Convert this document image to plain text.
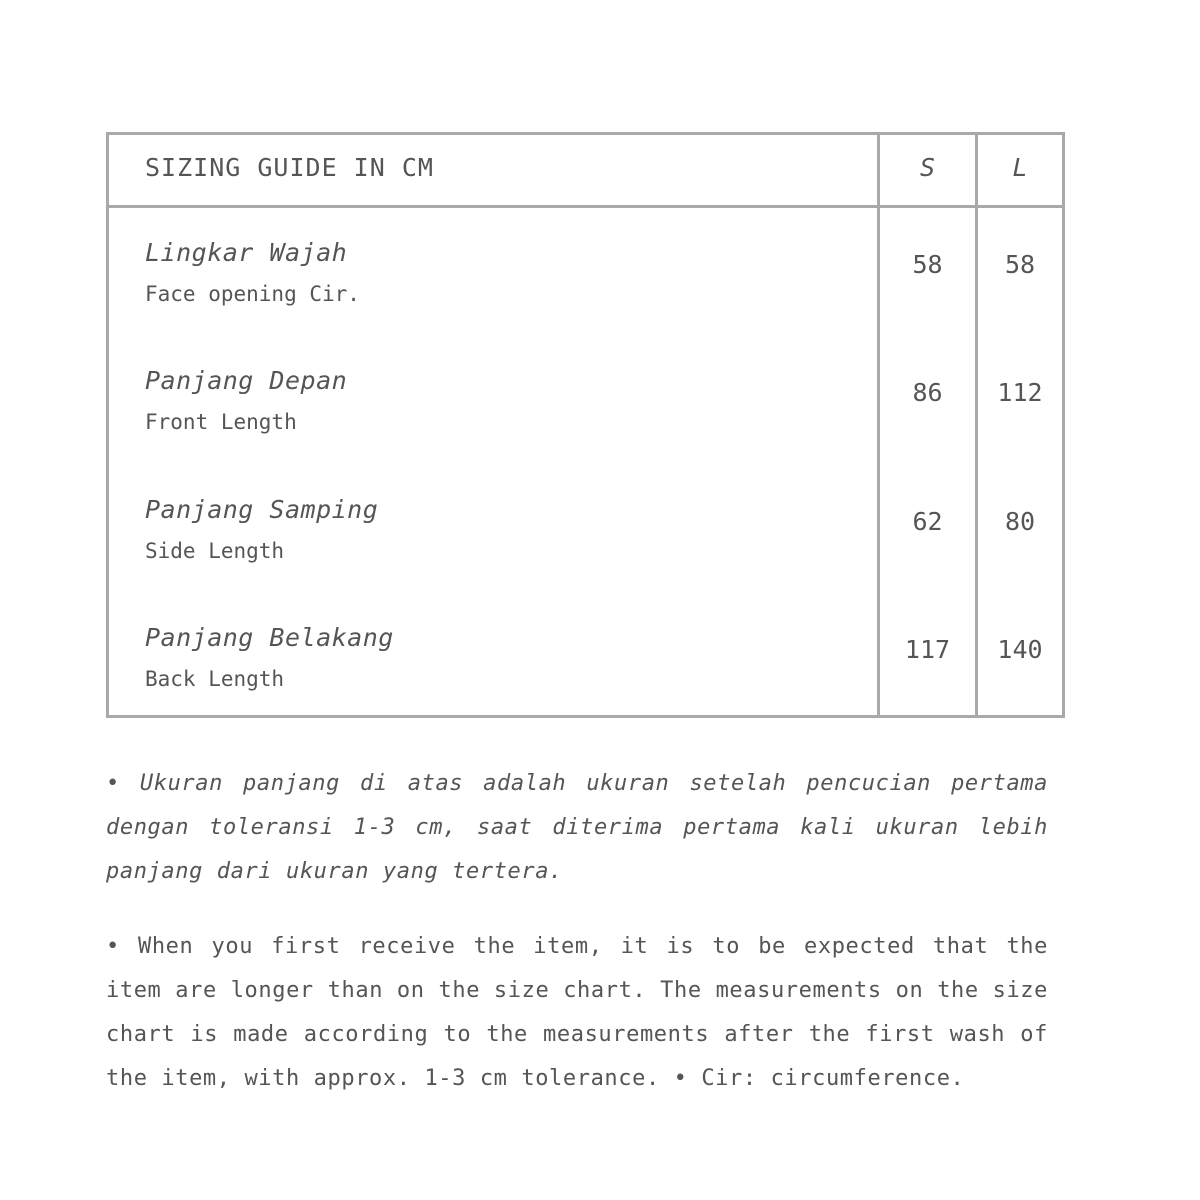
SIZING GUIDE IN CM	S	L
Lingkar Wajah
Face opening Cir.
58	58
Panjang Depan
Front Length
86	112
Panjang Samping
Side Length
62	80
Panjang Belakang
Back Length
117	140

• Ukuran panjang di atas adalah ukuran setelah pencucian pertama dengan toleransi 1-3 cm, saat diterima pertama kali ukuran lebih panjang dari ukuran yang tertera.

• When you first receive the item, it is to be expected that the item are longer than on the size chart. The measurements on the size chart is made according to the measurements after the first wash of the item, with approx. 1-3 cm tolerance. • Cir: circumference.
